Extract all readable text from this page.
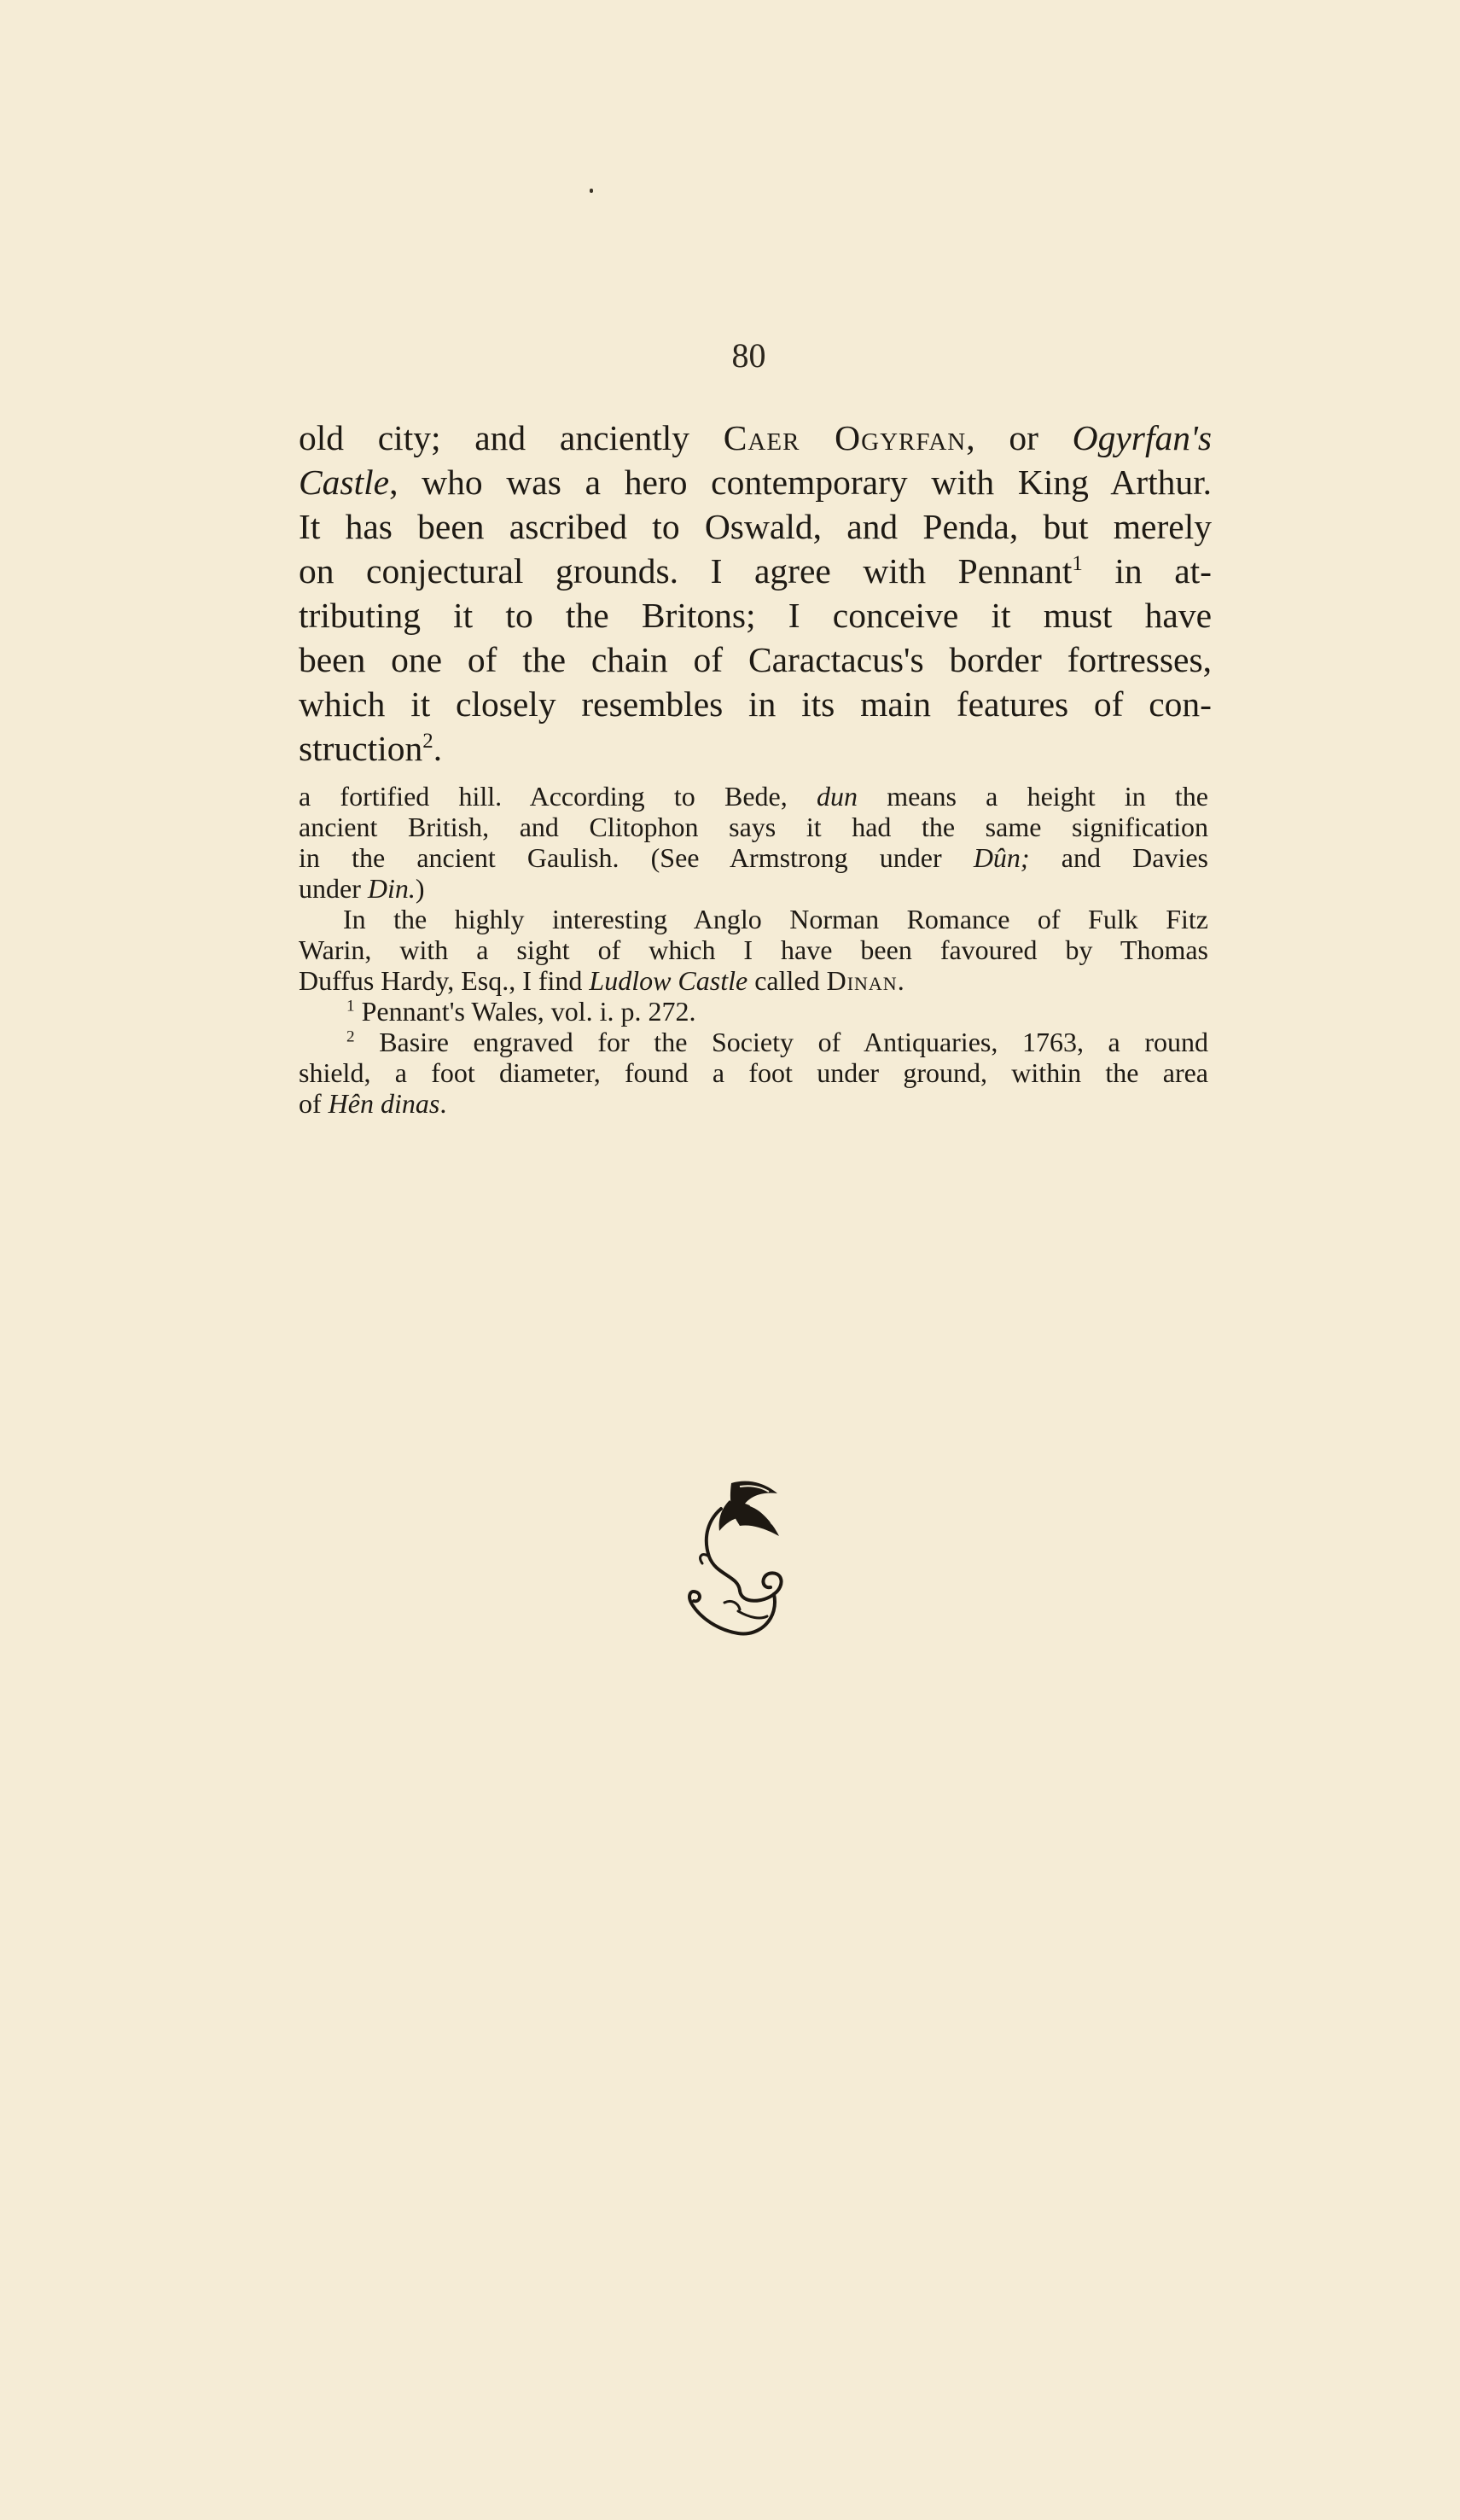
80
old city; and anciently Caer Ogyrfan, or Ogyrfan's
Castle, who was a hero contemporary with King Arthur.
It has been ascribed to Oswald, and Penda, but merely
on conjectural grounds. I agree with Pennant$^1$ in at-
tributing it to the Britons; I conceive it must have
been one of the chain of Caractacus's border fortresses,
which it closely resembles in its main features of con-
struction$^2$.
a fortified hill. According to Bede, dun means a height in the
ancient British, and Clitophon says it had the same signification
in the ancient Gaulish. (See Armstrong under Dûn; and Davies
under Din.)
In the highly interesting Anglo Norman Romance of Fulk Fitz
Warin, with a sight of which I have been favoured by Thomas
Duffus Hardy, Esq., I find Ludlow Castle called Dinan.
$^1$ Pennant's Wales, vol. i. p. 272.
$^2$ Basire engraved for the Society of Antiquaries, 1763, a round
shield, a foot diameter, found a foot under ground, within the area
of Hên dinas.
